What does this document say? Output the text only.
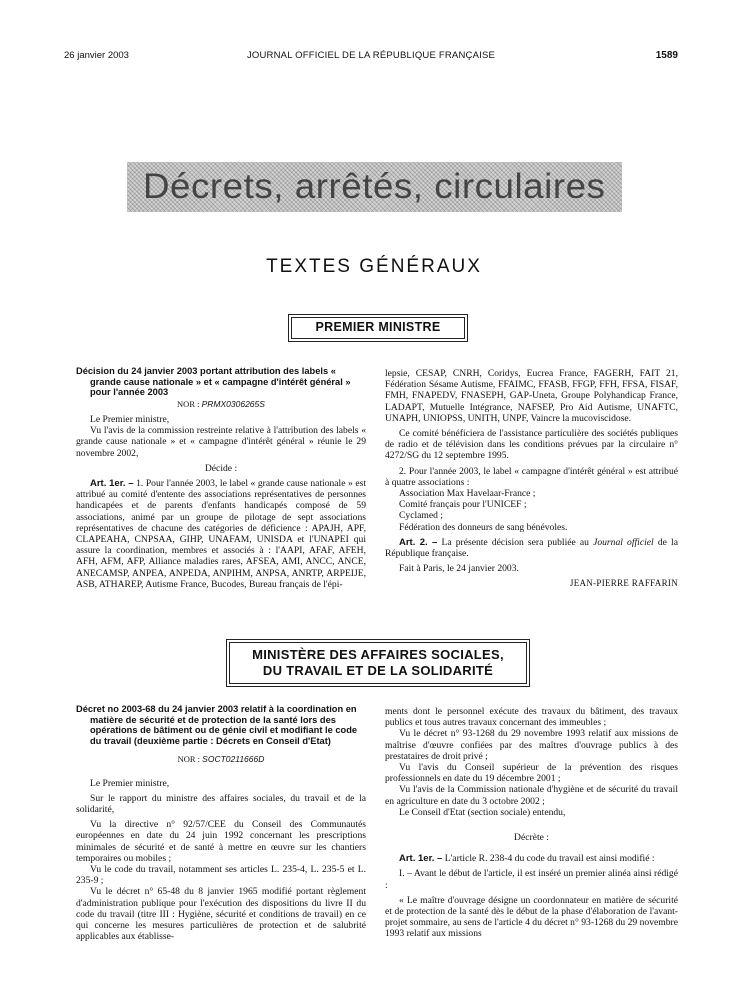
26 janvier 2003	JOURNAL OFFICIEL DE LA RÉPUBLIQUE FRANÇAISE	1589
Décrets, arrêtés, circulaires
TEXTES GÉNÉRAUX
PREMIER MINISTRE

Décision du 24 janvier 2003 portant attribution des labels « grande cause nationale » et « campagne d'intérêt général » pour l'année 2003

NOR : PRMX0306265S

Le Premier ministre,

Vu l'avis de la commission restreinte relative à l'attribution des labels « grande cause nationale » et « campagne d'intérêt général » réunie le 29 novembre 2002,

Décide :

Art. 1er. – 1. Pour l'année 2003, le label « grande cause nationale » est attribué au comité d'entente des associations représentatives de personnes handicapées et de parents d'enfants handicapés composé de 59 associations, animé par un groupe de pilotage de sept associations représentatives de chacune des catégories de déficience : APAJH, APF, CLAPEAHA, CNPSAA, GIHP, UNAFAM, UNISDA et l'UNAPEI qui assure la coordination, membres et associés à : l'AAPI, AFAF, AFEH, AFH, AFM, AFP, Alliance maladies rares, AFSEA, AMI, ANCC, ANCE, ANECAMSP, ANPEA, ANPEDA, ANPIHM, ANPSA, ANRTP, ARPEIJE, ASB, ATHAREP, Autisme France, Bucodes, Bureau français de l'épi-

lepsie, CESAP, CNRH, Coridys, Eucrea France, FAGERH, FAIT 21, Fédération Sésame Autisme, FFAIMC, FFASB, FFGP, FFH, FFSA, FISAF, FMH, FNAPEDV, FNASEPH, GAP-Uneta, Groupe Polyhandicap France, LADAPT, Mutuelle Intégrance, NAFSEP, Pro Aid Autisme, UNAFTC, UNAPH, UNIOPSS, UNITH, UNPF, Vaincre la mucoviscidose.

Ce comité bénéficiera de l'assistance particulière des sociétés publiques de radio et de télévision dans les conditions prévues par la circulaire n° 4272/SG du 12 septembre 1995.

2. Pour l'année 2003, le label « campagne d'intérêt général » est attribué à quatre associations :

Association Max Havelaar-France ;

Comité français pour l'UNICEF ;

Cyclamed ;

Fédération des donneurs de sang bénévoles.

Art. 2. – La présente décision sera publiée au Journal officiel de la République française.

Fait à Paris, le 24 janvier 2003.

JEAN-PIERRE RAFFARIN

MINISTÈRE DES AFFAIRES SOCIALES,
DU TRAVAIL ET DE LA SOLIDARITÉ

Décret no 2003-68 du 24 janvier 2003 relatif à la coordination en matière de sécurité et de protection de la santé lors des opérations de bâtiment ou de génie civil et modifiant le code du travail (deuxième partie : Décrets en Conseil d'Etat)

NOR : SOCT0211666D

Le Premier ministre,

Sur le rapport du ministre des affaires sociales, du travail et de la solidarité,

Vu la directive n° 92/57/CEE du Conseil des Communautés européennes en date du 24 juin 1992 concernant les prescriptions minimales de sécurité et de santé à mettre en œuvre sur les chantiers temporaires ou mobiles ;

Vu le code du travail, notamment ses articles L. 235-4, L. 235-5 et L. 235-9 ;

Vu le décret n° 65-48 du 8 janvier 1965 modifié portant règlement d'administration publique pour l'exécution des dispositions du livre II du code du travail (titre III : Hygiène, sécurité et conditions de travail) en ce qui concerne les mesures particulières de protection et de salubrité applicables aux établisse-

ments dont le personnel exécute des travaux du bâtiment, des travaux publics et tous autres travaux concernant des immeubles ;

Vu le décret n° 93-1268 du 29 novembre 1993 relatif aux missions de maîtrise d'œuvre confiées par des maîtres d'ouvrage publics à des prestataires de droit privé ;

Vu l'avis du Conseil supérieur de la prévention des risques professionnels en date du 19 décembre 2001 ;

Vu l'avis de la Commission nationale d'hygiène et de sécurité du travail en agriculture en date du 3 octobre 2002 ;

Le Conseil d'Etat (section sociale) entendu,

Décrète :

Art. 1er. – L'article R. 238-4 du code du travail est ainsi modifié :

I. – Avant le début de l'article, il est inséré un premier alinéa ainsi rédigé :

« Le maître d'ouvrage désigne un coordonnateur en matière de sécurité et de protection de la santé dès le début de la phase d'élaboration de l'avant-projet sommaire, au sens de l'article 4 du décret n° 93-1268 du 29 novembre 1993 relatif aux missions
